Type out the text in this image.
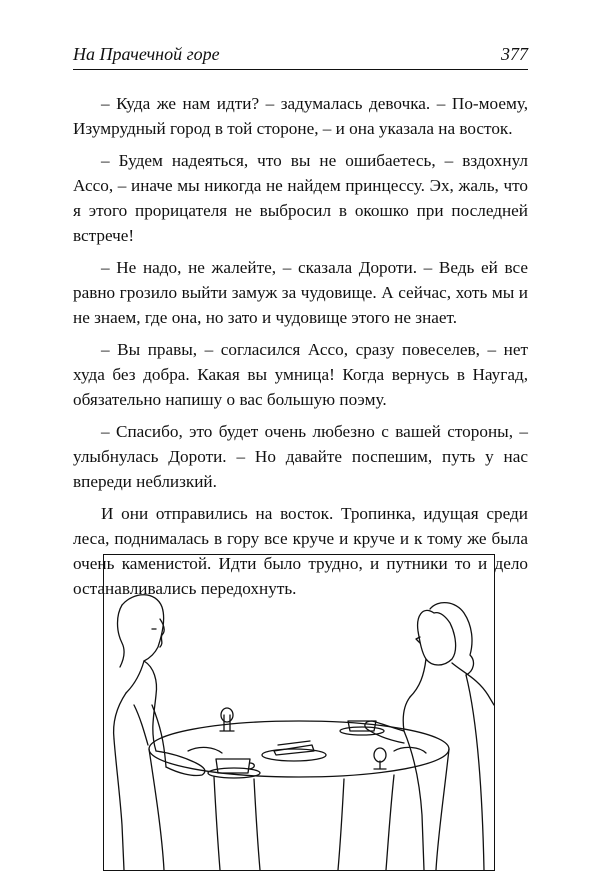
На Прачечной горе	377

– Куда же нам идти? – задумалась девочка. – По-моему, Изумрудный город в той стороне, – и она указала на восток.

– Будем надеяться, что вы не ошибаетесь, – вздохнул Ассо, – иначе мы никогда не найдем принцессу. Эх, жаль, что я этого прорицателя не выбросил в окошко при последней встрече!

– Не надо, не жалейте, – сказала Дороти. – Ведь ей все равно грозило выйти замуж за чудовище. А сейчас, хоть мы и не знаем, где она, но зато и чудовище этого не знает.

– Вы правы, – согласился Ассо, сразу повеселев, – нет худа без добра. Какая вы умница! Когда вернусь в Наугад, обязательно напишу о вас большую поэму.

– Спасибо, это будет очень любезно с вашей стороны, – улыбнулась Дороти. – Но давайте поспешим, путь у нас впереди неблизкий.

И они отправились на восток. Тропинка, идущая среди леса, поднималась в гору все круче и круче и к тому же была очень каменистой. Идти было трудно, и путники то и дело останавливались передохнуть.
